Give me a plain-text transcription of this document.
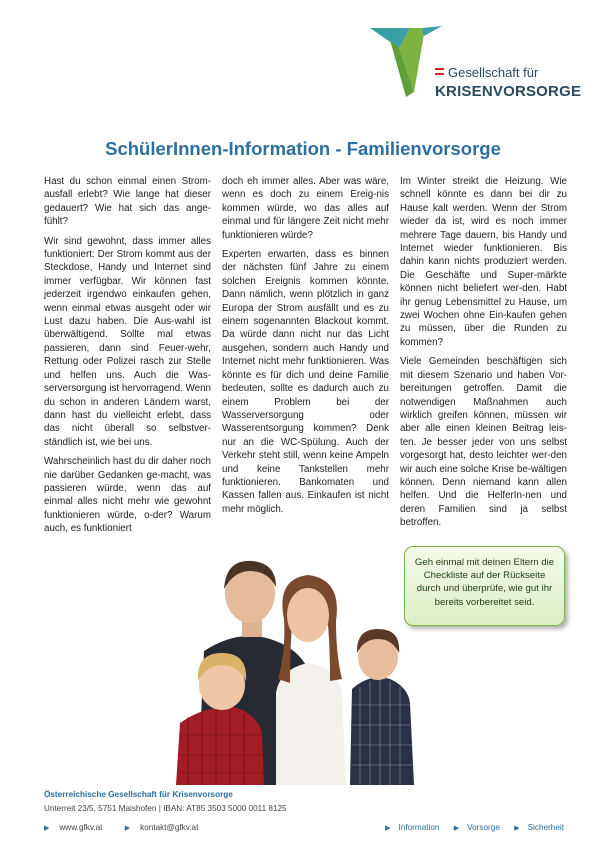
Gesellschaft für
KRISENVORSORGE
SchülerInnen-Information - Familienvorsorge

Hast du schon einmal einen Strom-ausfall erlebt? Wie lange hat dieser gedauert? Wie hat sich das ange-fühlt?

Wir sind gewohnt, dass immer alles funktioniert: Der Strom kommt aus der Steckdose, Handy und Internet sind immer verfügbar. Wir können fast jederzeit irgendwo einkaufen gehen, wenn einmal etwas ausgeht oder wir Lust dazu haben. Die Aus-wahl ist überwältigend. Sollte mal etwas passieren, dann sind Feuer-wehr, Rettung oder Polizei rasch zur Stelle und helfen uns. Auch die Was-serversorgung ist hervorragend. Wenn du schon in anderen Ländern warst, dann hast du vielleicht erlebt, dass das nicht überall so selbstver-ständlich ist, wie bei uns.

Wahrscheinlich hast du dir daher noch nie darüber Gedanken ge-macht, was passieren würde, wenn das auf einmal alles nicht mehr wie gewohnt funktionieren würde, o-der? Warum auch, es funktioniert

doch eh immer alles. Aber was wäre, wenn es doch zu einem Ereig-nis kommen würde, wo das alles auf einmal und für längere Zeit nicht mehr funktionieren würde?

Experten erwarten, dass es binnen der nächsten fünf Jahre zu einem solchen Ereignis kommen könnte. Dann nämlich, wenn plötzlich in ganz Europa der Strom ausfällt und es zu einem sogenannten Blackout kommt. Da würde dann nicht nur das Licht ausgehen, sondern auch Handy und Internet nicht mehr funktionieren. Was könnte es für dich und deine Familie bedeuten, sollte es dadurch auch zu einem Problem bei der Wasserversorgung oder Wasserentsorgung kommen? Denk nur an die WC-Spülung. Auch der Verkehr steht still, wenn keine Ampeln und keine Tankstellen mehr funktionieren. Bankomaten und Kassen fallen aus. Einkaufen ist nicht mehr möglich.

Im Winter streikt die Heizung. Wie schnell könnte es dann bei dir zu Hause kalt werden. Wenn der Strom wieder da ist, wird es noch immer mehrere Tage dauern, bis Handy und Internet wieder funktionieren. Bis dahin kann nichts produziert werden. Die Geschäfte und Super-märkte können nicht beliefert wer-den. Habt ihr genug Lebensmittel zu Hause, um zwei Wochen ohne Ein-kaufen gehen zu müssen, über die Runden zu kommen?

Viele Gemeinden beschäftigen sich mit diesem Szenario und haben Vor-bereitungen getroffen. Damit die notwendigen Maßnahmen auch wirklich greifen können, müssen wir aber alle einen kleinen Beitrag leis-ten. Je besser jeder von uns selbst vorgesorgt hat, desto leichter wer-den wir auch eine solche Krise be-wältigen können. Denn niemand kann allen helfen. Und die HelferIn-nen und deren Familien sind ja selbst betroffen.

Geh einmal mit deinen Eltern die Checkliste auf der Rückseite durch und überprüfe, wie gut ihr bereits vorbereitet seid.
Österreichische Gesellschaft für Krisenvorsorge
Unterreit 23/5, 5751 Maishofen | IBAN: AT85 3503 5000 0011 8125
▶ www.gfkv.at	▶ kontakt@gfkv.at	▶ Information ▶ Vorsorge ▶ Sicherheit
